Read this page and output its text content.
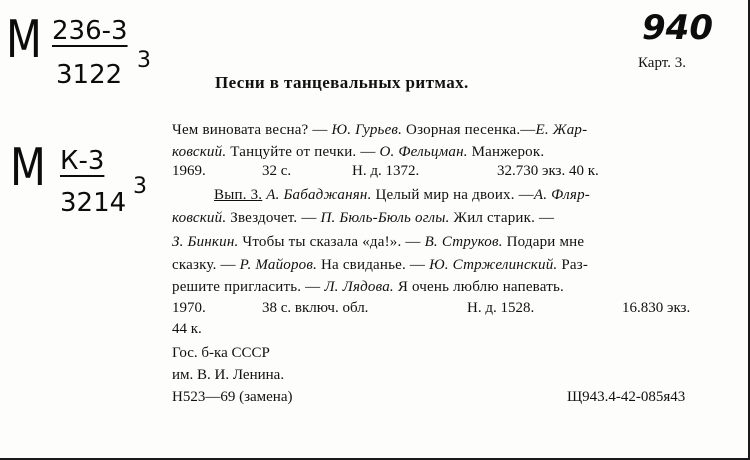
М 236-3
3122 3
М К-3
3214
3
940
Карт. 3.
Песни в танцевальных ритмах.
Чем виновата весна? — Ю. Гурьев. Озорная песенка.—Е. Жар-
ковский. Танцуйте от печки. — О. Фельцман. Манжерок.
1969.	32 с.	Н. д. 1372.	32.730 экз. 40 к.
Вып. 3. А. Бабаджанян. Целый мир на двоих. —А. Фляр-
ковский. Звездочет. — П. Бюль-Бюль оглы. Жил старик. —
З. Бинкин. Чтобы ты сказала «да!». — В. Струков. Подари мне
сказку. — Р. Майоров. На свиданье. — Ю. Стржелинский. Раз-
решите пригласить. — Л. Лядова. Я очень люблю напевать.
1970.	38 с. включ. обл.	Н. д. 1528.	16.830 экз.
44 к.
Гос. б-ка СССР
им. В. И. Ленина.
Н523—69 (замена)	Щ943.4-42-085я43
